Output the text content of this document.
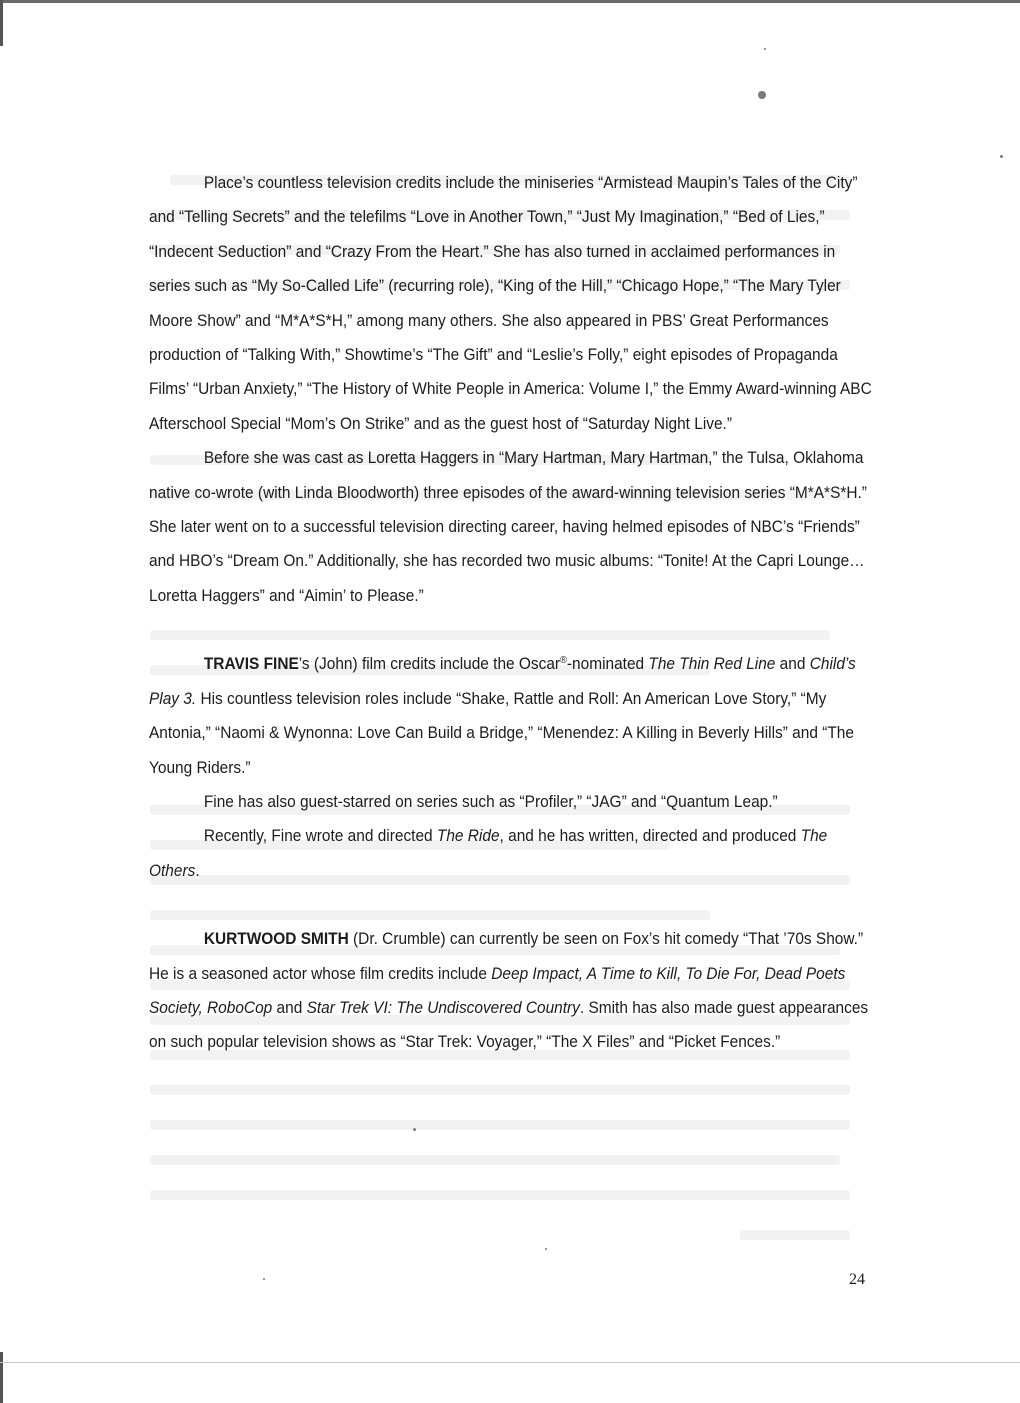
Place’s countless television credits include the miniseries “Armistead Maupin’s Tales of the City” and “Telling Secrets” and the telefilms “Love in Another Town,” “Just My Imagination,” “Bed of Lies,” “Indecent Seduction” and “Crazy From the Heart.” She has also turned in acclaimed performances in series such as “My So-Called Life” (recurring role), “King of the Hill,” “Chicago Hope,” “The Mary Tyler Moore Show” and “M*A*S*H,” among many others. She also appeared in PBS’ Great Performances production of “Talking With,” Showtime’s “The Gift” and “Leslie’s Folly,” eight episodes of Propaganda Films’ “Urban Anxiety,” “The History of White People in America: Volume I,” the Emmy Award-winning ABC Afterschool Special “Mom’s On Strike” and as the guest host of “Saturday Night Live.”

Before she was cast as Loretta Haggers in “Mary Hartman, Mary Hartman,” the Tulsa, Oklahoma native co-wrote (with Linda Bloodworth) three episodes of the award-winning television series “M*A*S*H.” She later went on to a successful television directing career, having helmed episodes of NBC’s “Friends” and HBO’s “Dream On.” Additionally, she has recorded two music albums: “Tonite! At the Capri Lounge… Loretta Haggers” and “Aimin’ to Please.”

TRAVIS FINE’s (John) film credits include the Oscar®-nominated The Thin Red Line and Child’s Play 3. His countless television roles include “Shake, Rattle and Roll: An American Love Story,” “My Antonia,” “Naomi & Wynonna: Love Can Build a Bridge,” “Menendez: A Killing in Beverly Hills” and “The Young Riders.”

Fine has also guest-starred on series such as “Profiler,” “JAG” and “Quantum Leap.”

Recently, Fine wrote and directed The Ride, and he has written, directed and produced The Others.

KURTWOOD SMITH (Dr. Crumble) can currently be seen on Fox’s hit comedy “That ’70s Show.” He is a seasoned actor whose film credits include Deep Impact, A Time to Kill, To Die For, Dead Poets Society, RoboCop and Star Trek VI: The Undiscovered Country. Smith has also made guest appearances on such popular television shows as “Star Trek: Voyager,” “The X Files” and “Picket Fences.”

24
